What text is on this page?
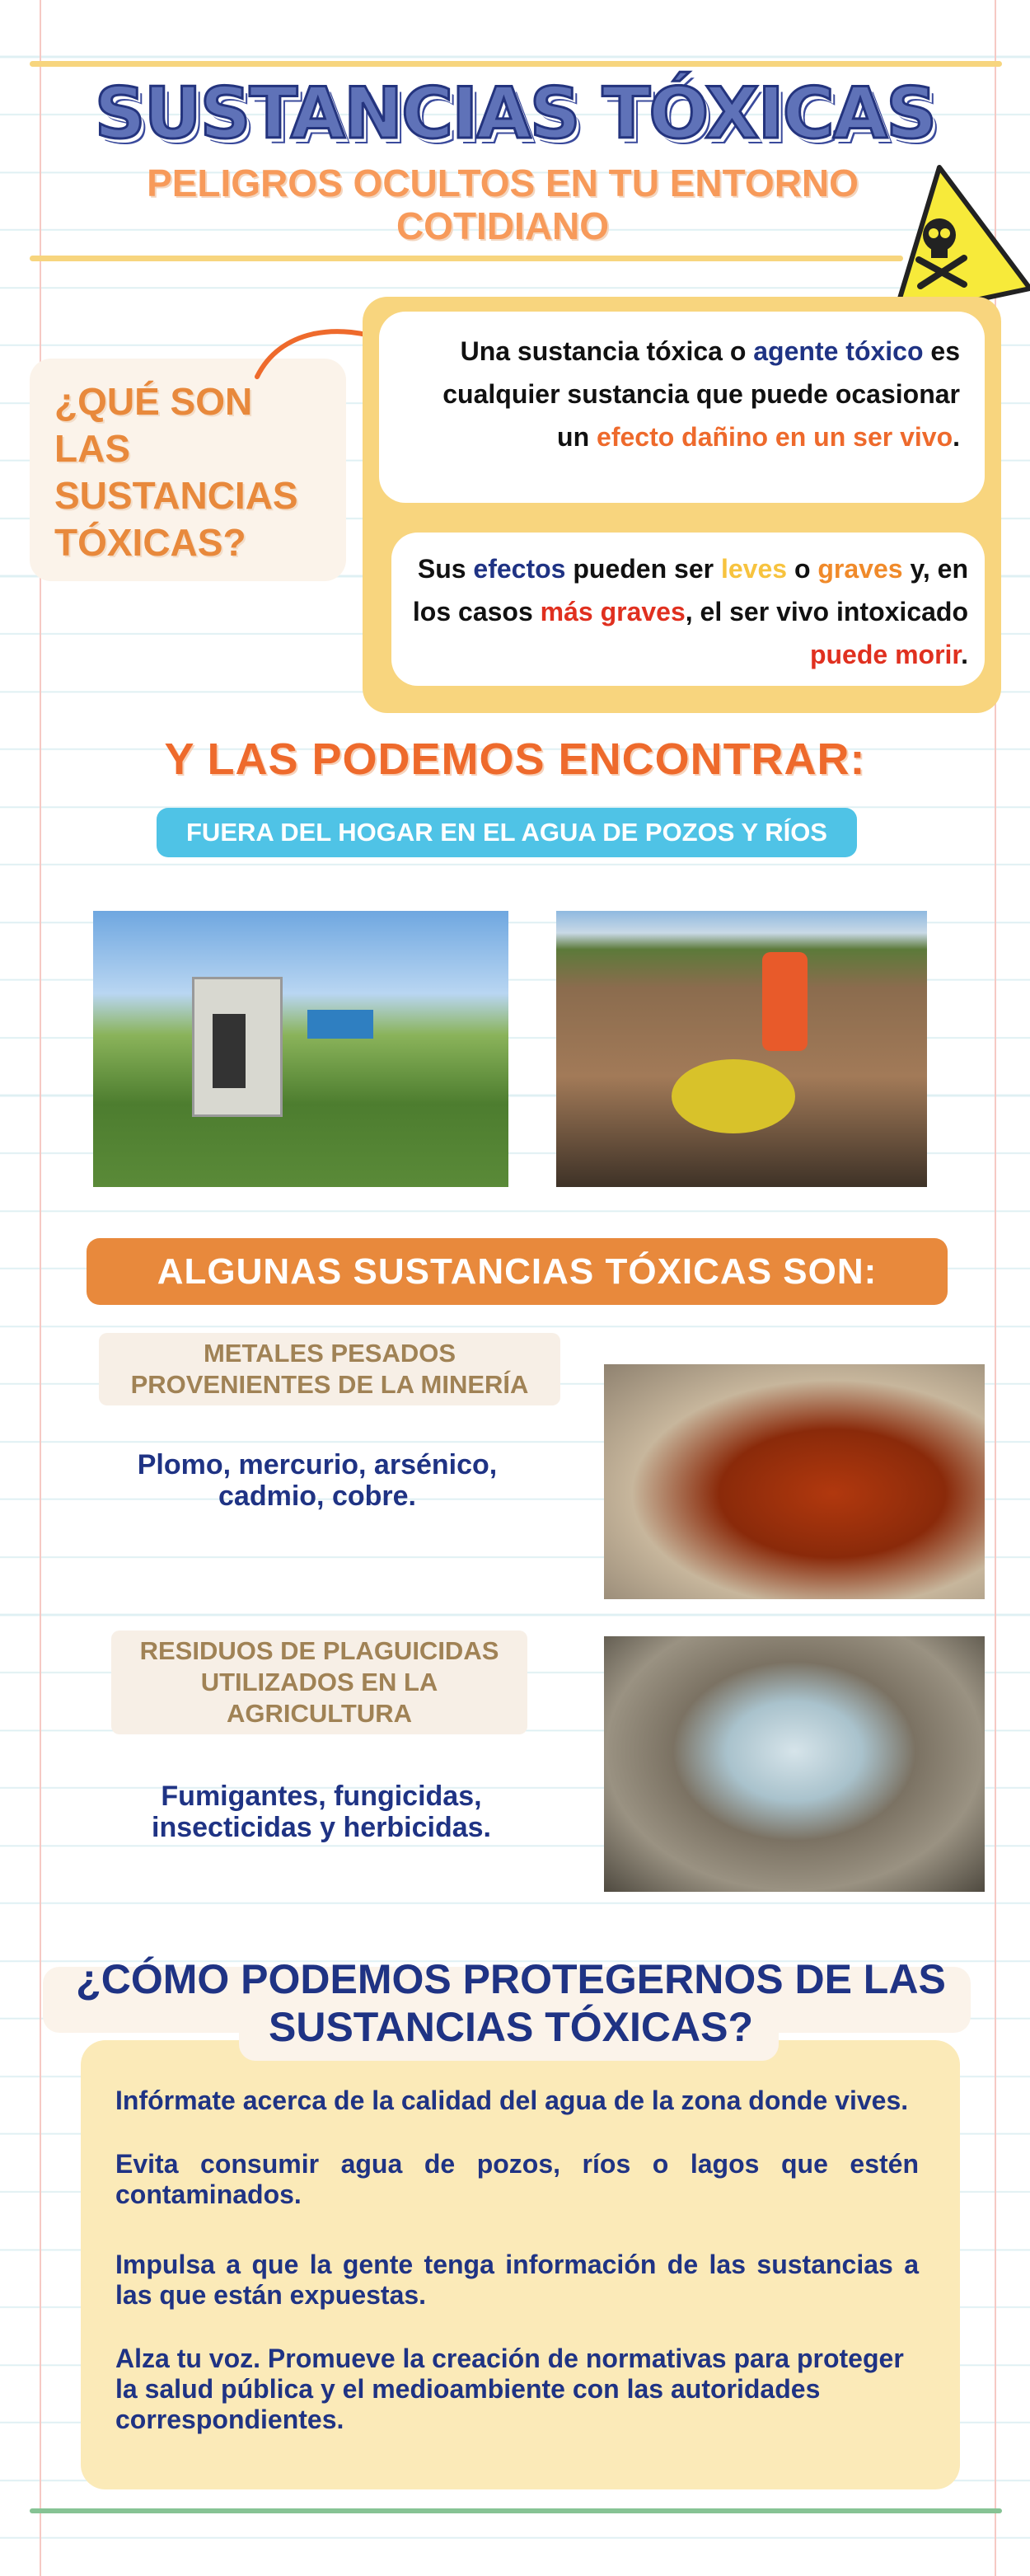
SUSTANCIAS TÓXICAS
PELIGROS OCULTOS EN TU ENTORNO COTIDIANO
¿QUÉ SON LAS SUSTANCIAS TÓXICAS?
Una sustancia tóxica o agente tóxico es cualquier sustancia que puede ocasionar un efecto dañino en un ser vivo.
Sus efectos pueden ser leves o graves y, en los casos más graves, el ser vivo intoxicado puede morir.
Y LAS PODEMOS ENCONTRAR:
FUERA DEL HOGAR EN EL AGUA DE POZOS Y RÍOS
ALGUNAS SUSTANCIAS TÓXICAS SON:
METALES PESADOS PROVENIENTES DE LA MINERÍA
Plomo, mercurio, arsénico, cadmio, cobre.
RESIDUOS DE PLAGUICIDAS UTILIZADOS EN LA AGRICULTURA
Fumigantes, fungicidas, insecticidas y herbicidas.

Infórmate acerca de la calidad del agua de la zona donde vives.

Evita consumir agua de pozos, ríos o lagos que estén contaminados.

Impulsa a que la gente tenga información de las sustancias a las que están expuestas.

Alza tu voz. Promueve la creación de normativas para proteger la salud pública y el medioambiente con las autoridades correspondientes.

¿CÓMO PODEMOS PROTEGERNOS DE LAS SUSTANCIAS TÓXICAS?
